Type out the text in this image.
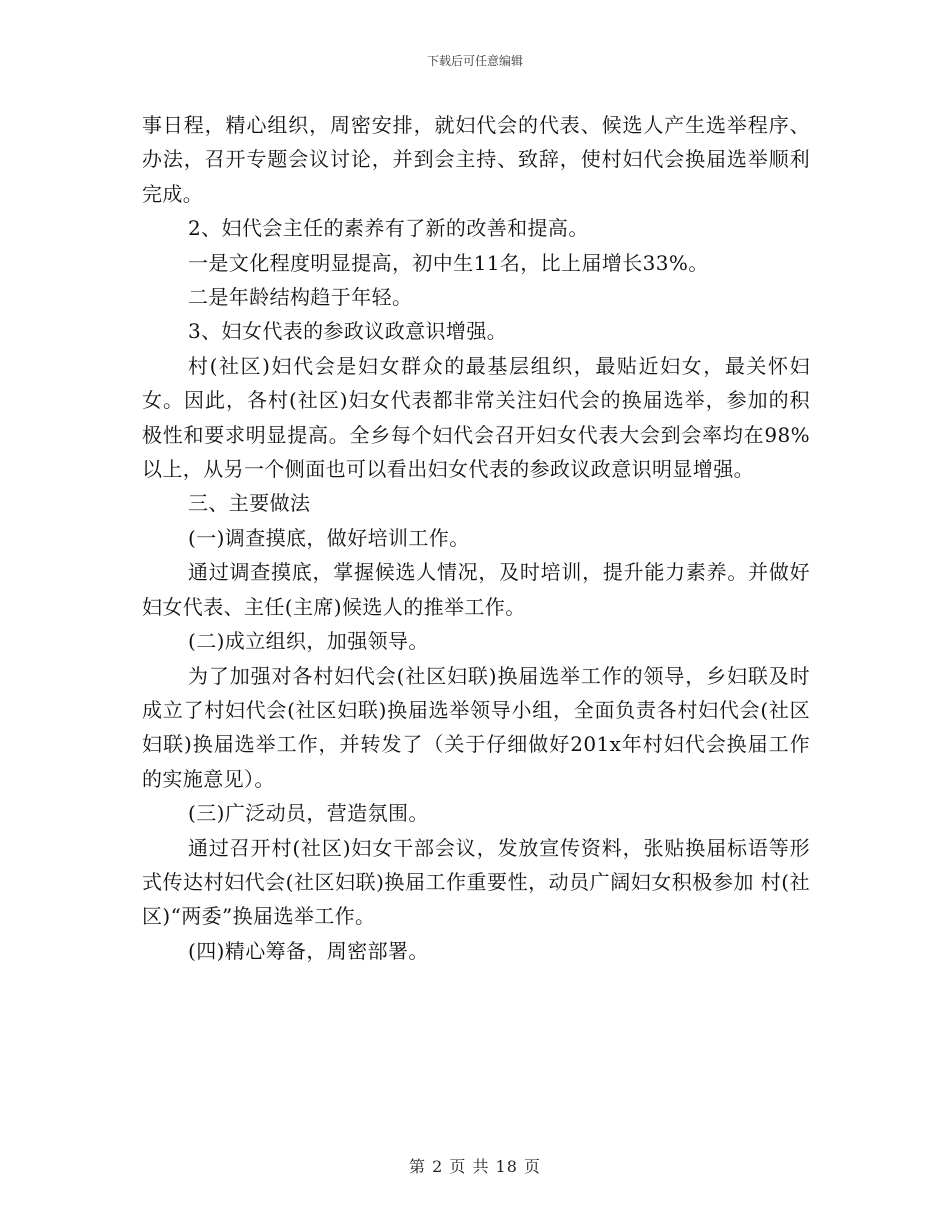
下载后可任意编辑

事日程，精心组织，周密安排，就妇代会的代表、候选人产生选举程序、办法，召开专题会议讨论，并到会主持、致辞，使村妇代会换届选举顺利完成。

2、妇代会主任的素养有了新的改善和提高。

一是文化程度明显提高，初中生11名，比上届增长33%。

二是年龄结构趋于年轻。

3、妇女代表的参政议政意识增强。

村(社区)妇代会是妇女群众的最基层组织，最贴近妇女，最关怀妇女。因此，各村(社区)妇女代表都非常关注妇代会的换届选举，参加的积极性和要求明显提高。全乡每个妇代会召开妇女代表大会到会率均在98%以上，从另一个侧面也可以看出妇女代表的参政议政意识明显增强。

三、主要做法

(一)调查摸底，做好培训工作。

通过调查摸底，掌握候选人情况，及时培训，提升能力素养。并做好妇女代表、主任(主席)候选人的推举工作。

(二)成立组织，加强领导。

为了加强对各村妇代会(社区妇联)换届选举工作的领导，乡妇联及时成立了村妇代会(社区妇联)换届选举领导小组，全面负责各村妇代会(社区妇联)换届选举工作，并转发了（关于仔细做好201x年村妇代会换届工作的实施意见）。

(三)广泛动员，营造氛围。

通过召开村(社区)妇女干部会议，发放宣传资料，张贴换届标语等形式传达村妇代会(社区妇联)换届工作重要性，动员广阔妇女积极参加 村(社区)“两委”换届选举工作。

(四)精心筹备，周密部署。

第 2 页 共 18 页
